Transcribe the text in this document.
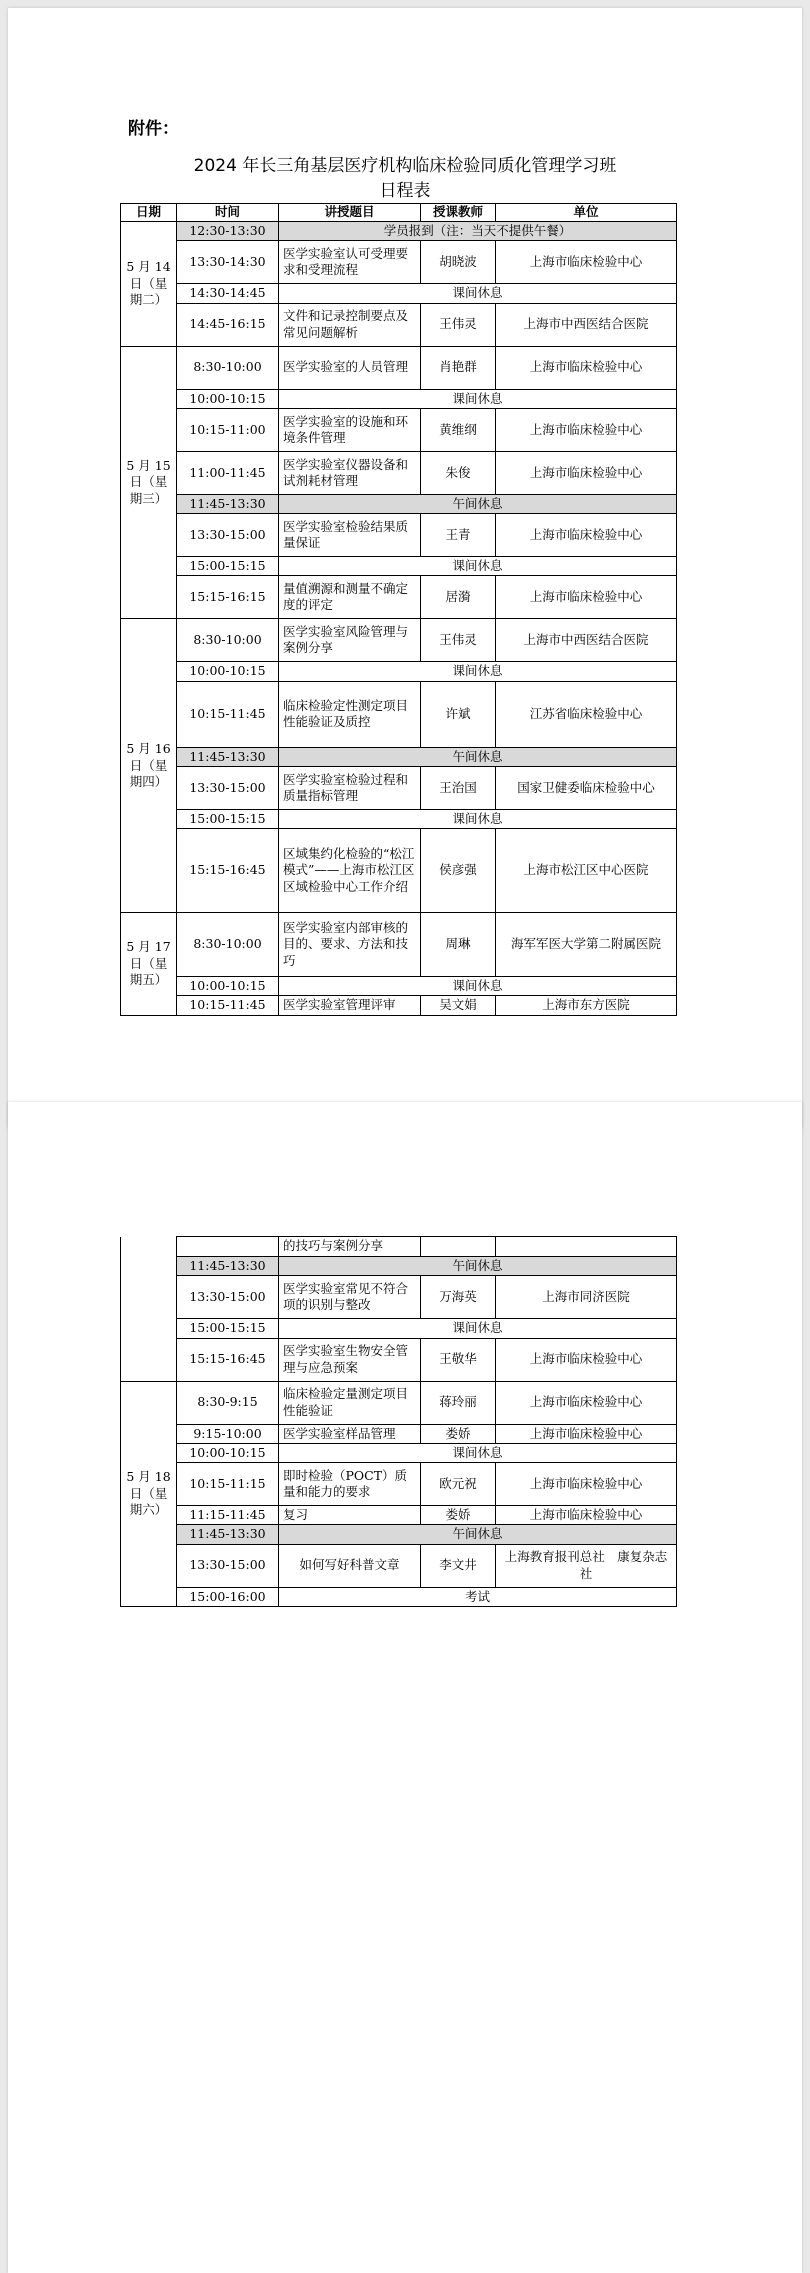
附件：
2024 年长三角基层医疗机构临床检验同质化管理学习班
日程表
日期	时间	讲授题目	授课教师	单位
5 月 14 日（星期二）	12:30-13:30	学员报到（注：当天不提供午餐）		
	13:30-14:30	医学实验室认可受理要求和受理流程	胡晓波	上海市临床检验中心
	14:30-14:45	课间休息		
	14:45-16:15	文件和记录控制要点及常见问题解析	王伟灵	上海市中西医结合医院
5 月 15 日（星期三）	8:30-10:00	医学实验室的人员管理	肖艳群	上海市临床检验中心
	10:00-10:15	课间休息		
	10:15-11:00	医学实验室的设施和环境条件管理	黄维纲	上海市临床检验中心
	11:00-11:45	医学实验室仪器设备和试剂耗材管理	朱俊	上海市临床检验中心
	11:45-13:30	午间休息		
	13:30-15:00	医学实验室检验结果质量保证	王青	上海市临床检验中心
	15:00-15:15	课间休息		
	15:15-16:15	量值溯源和测量不确定度的评定	居漪	上海市临床检验中心
5 月 16 日（星期四）	8:30-10:00	医学实验室风险管理与案例分享	王伟灵	上海市中西医结合医院
	10:00-10:15	课间休息		
	10:15-11:45	临床检验定性测定项目性能验证及质控	许斌	江苏省临床检验中心
	11:45-13:30	午间休息		
	13:30-15:00	医学实验室检验过程和质量指标管理	王治国	国家卫健委临床检验中心
	15:00-15:15	课间休息		
	15:15-16:45	区域集约化检验的“松江模式”——上海市松江区区域检验中心工作介绍	侯彦强	上海市松江区中心医院
5 月 17 日（星期五）	8:30-10:00	医学实验室内部审核的目的、要求、方法和技巧	周琳	海军军医大学第二附属医院
	10:00-10:15	课间休息		
	10:15-11:45	医学实验室管理评审	吴文娟	上海市东方医院
		的技巧与案例分享		
	11:45-13:30	午间休息		
	13:30-15:00	医学实验室常见不符合项的识别与整改	万海英	上海市同济医院
	15:00-15:15	课间休息		
	15:15-16:45	医学实验室生物安全管理与应急预案	王敬华	上海市临床检验中心
5 月 18 日（星期六）	8:30-9:15	临床检验定量测定项目性能验证	蒋玲丽	上海市临床检验中心
	9:15-10:00	医学实验室样品管理	娄娇	上海市临床检验中心
	10:00-10:15	课间休息		
	10:15-11:15	即时检验（POCT）质量和能力的要求	欧元祝	上海市临床检验中心
	11:15-11:45	复习	娄娇	上海市临床检验中心
	11:45-13:30	午间休息		
	13:30-15:00	如何写好科普文章	李文井	上海教育报刊总社　康复杂志社
	15:00-16:00	考试		
